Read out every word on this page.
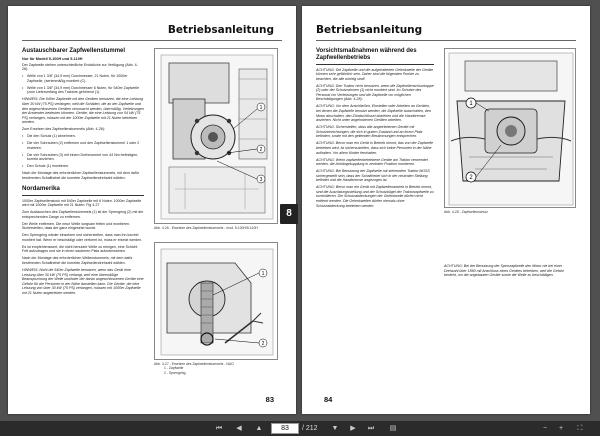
Betriebsanleitung
Austauschbarer Zapfwellenstummel
Nur für Modell 5-100H und 5-110H

Der Zapfwelle stehen unterschiedliche Endstücke zur Verfügung (Abb. 4-26):

• Welle von 1 3/8" (34,9 mm) Durchmesser, 21 Nuten, für 1000er Zapfwelle, (serienmäßig montiert (C).

• Welle von 1 3/8" (34,9 mm) Durchmesser 6 Nuten, für 540er Zapfwelle (zum Lieferumfang des Traktors gehörend (1).

HINWEIS: Die 540er Zapfwelle mit den Geräten benutzen, die eine Leistung über 30 kW (75 PS) verlangen, weil die Schäden, die an der Zapfwelle und den angeschlossenen Geräten verursacht werden, übermäßig. Verletzungen der Anwender bedeuten könnten. Geräte, die eine Leistung von 54 kW (75 PS) verlangen, müssen mit der 1000er Zapfwelle mit 21 Nuten betrieben werden.

Zum Ersetzen des Zapfwellenstummels (Abb. 4-26):

• Die den Schutz (1) abnehmen.

• Die vier Schrauben (2) entfernen und den Zapfwellenstummel 1 oder 2 ersetzen.

• Die vier Schrauben (3) mit einem Drehmoment von 44 Nm befestigen, korrekt anziehen.

• Den Schutz (1) montieren.

Nach der Montage des erforderlichen Zapfwellenstummels, mit dem dafür bestimmten Schalthebel die korrekte Zapfwellendrehzahl wählen.

Nordamerika

1000er Zapfwellenstock mit 540er Zapfwelle mit 6 Nuten. 1000er Zapfwelle wird mit 1000er Zapfwelle mit 21 Nuten. Fig 4-27

Zum Austauschen des Zapfwellenstummels (1) ist der Sprengring (2) mit der entsprechenden Zange zu entfernen.

Der Welle entfernen. Die neue Welle sorgsam fetten und montieren. Sicherstellen, dass der ganz eingesetzt wurde.

Den Sprengring wieder einsetzen und sicherstellen, dass man ihn korrekt montiert hat. Wenn er beschädigt oder verformt ist, muss er ersetzt werden.

Es ist empfehlenswert, die nicht benutzte Welle zu reinigen, eine Schicht Fett aufzutragen und sie in einen sauberen Platz aufzubewahren.

Nach der Montage des erforderlichen Wellenstummels, mit dem dafür bestimmten Schalthebel die korrekte Zapfwellendrehzahl wählen.

HINWEIS: Nicht die 540er Zapfwelle benutzen, wenn das Gerät eine Leistung über 30 kW (75 PS) verlangt, weil eine übermäßige Beanspruchung der Welle und/oder der daran angeschlossenen Geräte eine Gefahr für die Personen in der Nähe darstellen kann. Die Geräte, die eine Leistung von über 30 kW (75 PS) verlangen, müssen mit 1000er Zapfwelle mit 21 Nuten angetrieben werden.

1
2
3
Abb. 4-26 - Ersetzen des Zapfwellenstummels - mod. 5-100H/5-110H
1
2
Abb. 4-27 - Ersetzen des Zapfwellenstummels - NAO
1 - Zapfwelle
2 - Sprengring
83
8
Betriebsanleitung
Vorsichtsmaßnahmen während des Zapfwellenbetriebs

ACHTUNG: Die Zapfwelle und die aufgehalterten Gelenkwelle der Geräte können sehr gefährlich sein. Daher sind die folgenden Punkte zu beachten, die alle wichtig sind!

ACHTUNG: Den Traktor nicht benutzen, wenn die Zapfwellenschutzkappe (2) oder der Schutzrahmen (1) nicht montiert sind. Im Schutze des Personal vor Verletzungen und die Zapfwelle vor möglichen Beschädigungen (Abb. 4-28).

ACHTUNG: Vor dem Anschließen, Einstellen oder Arbeiten an Geräten, bei denen die Zapfwelle benutzt werden, die Zapfwelle ausschalten, den Motor abschalten, den Zündschlüssel abziehen und die Handbremse anziehen. Nicht unter angehobenen Geräten arbeiten.

ACHTUNG: Sicherstellen, dass alle angetriebenen Geräte mit Schutzeinrichtungen, die sich in gutem Zustand und an ihrem Platz befinden, sowie mit den geltenden Bestimmungen entsprechen.

ACHTUNG: Bevor man ein Gerät in Betrieb nimmt, das von der Zapfwelle betrieben wird, ist sicherzustellen, dass sich keine Personen in der Nähe aufhalten. Vor allem Kinder fernhalten.

ACHTUNG: Wenn zapfwellenbetriebene Geräte am Traktor verwendet werden, die Anhängekupplung in zentraler Position montieren.

ACHTUNG: Bei Benutzung der Zapfwelle mit stehendem Traktor MUSS sichergestellt sein, dass der Schalthebel sich in der neutralen Stellung befindet und die Handbremse angezogen ist.

ACHTUNG: Bevor man ein Gerät mit Zapfwellenantrieb in Betrieb nimmt, sind die Ausrüstungsstellung und der Schutzbügel der Traktorzapfwelle zu kontrollieren. Die Schutzabdeckungen der Gelenkwelle dürfen nicht entfernt werden. Die Gelenkwellen dürfen niemals ohne Schutzabdeckung betrieben werden.

1
2
Abb. 4-28 - Zapfwellenschutz
ACHTUNG: Bei der Benutzung der Sperrzapfwelle den Motor nie bei einer Drehzahl über 1890 mit Anschluss eines Gerätes betreiben, weil die Gefahr besteht, um die angebauten Geräte sowie die Welle zu beschädigen.
84
⏮	◀	▲
83	/ 212 ▼	▶	⏭ ▤	−	+	⛶
